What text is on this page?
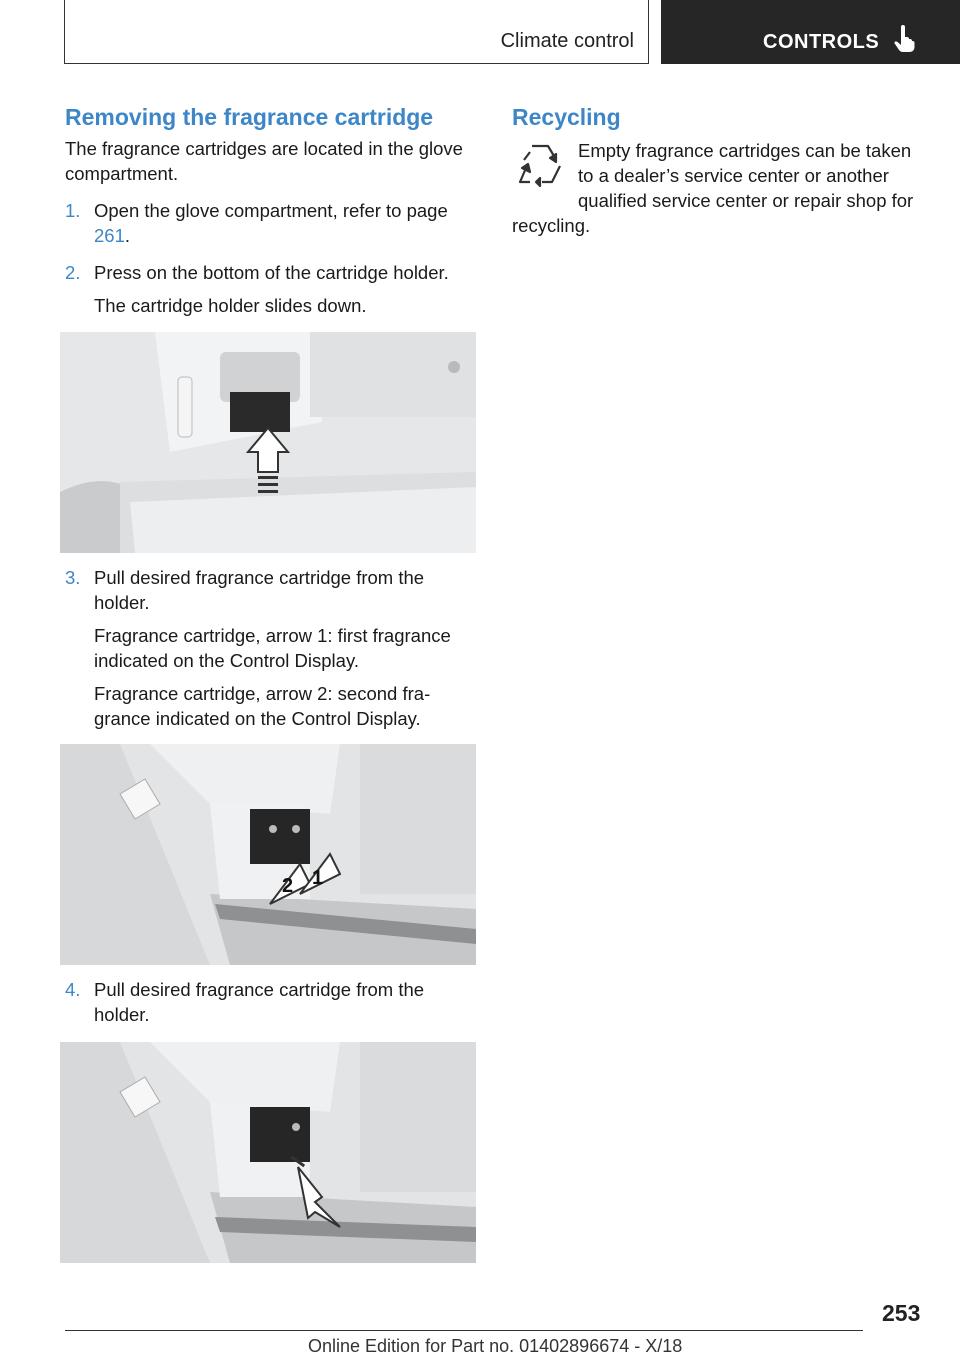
Climate control	CONTROLS
Removing the fragrance cartridge

The fragrance cartridges are located in the glove compartment.

1. Open the glove compartment, refer to page 261.

2. Press on the bottom of the cartridge holder.

The cartridge holder slides down.

3. Pull desired fragrance cartridge from the holder.

Fragrance cartridge, arrow 1: first fragrance indicated on the Control Display.

Fragrance cartridge, arrow 2: second fra‐grance indicated on the Control Display.

2 1
4. Pull desired fragrance cartridge from the holder.

Recycling

Empty fragrance cartridges can be taken to a dealer’s service center or another qualified service center or repair shop for

recycling.

253
Online Edition for Part no. 01402896674 - X/18
